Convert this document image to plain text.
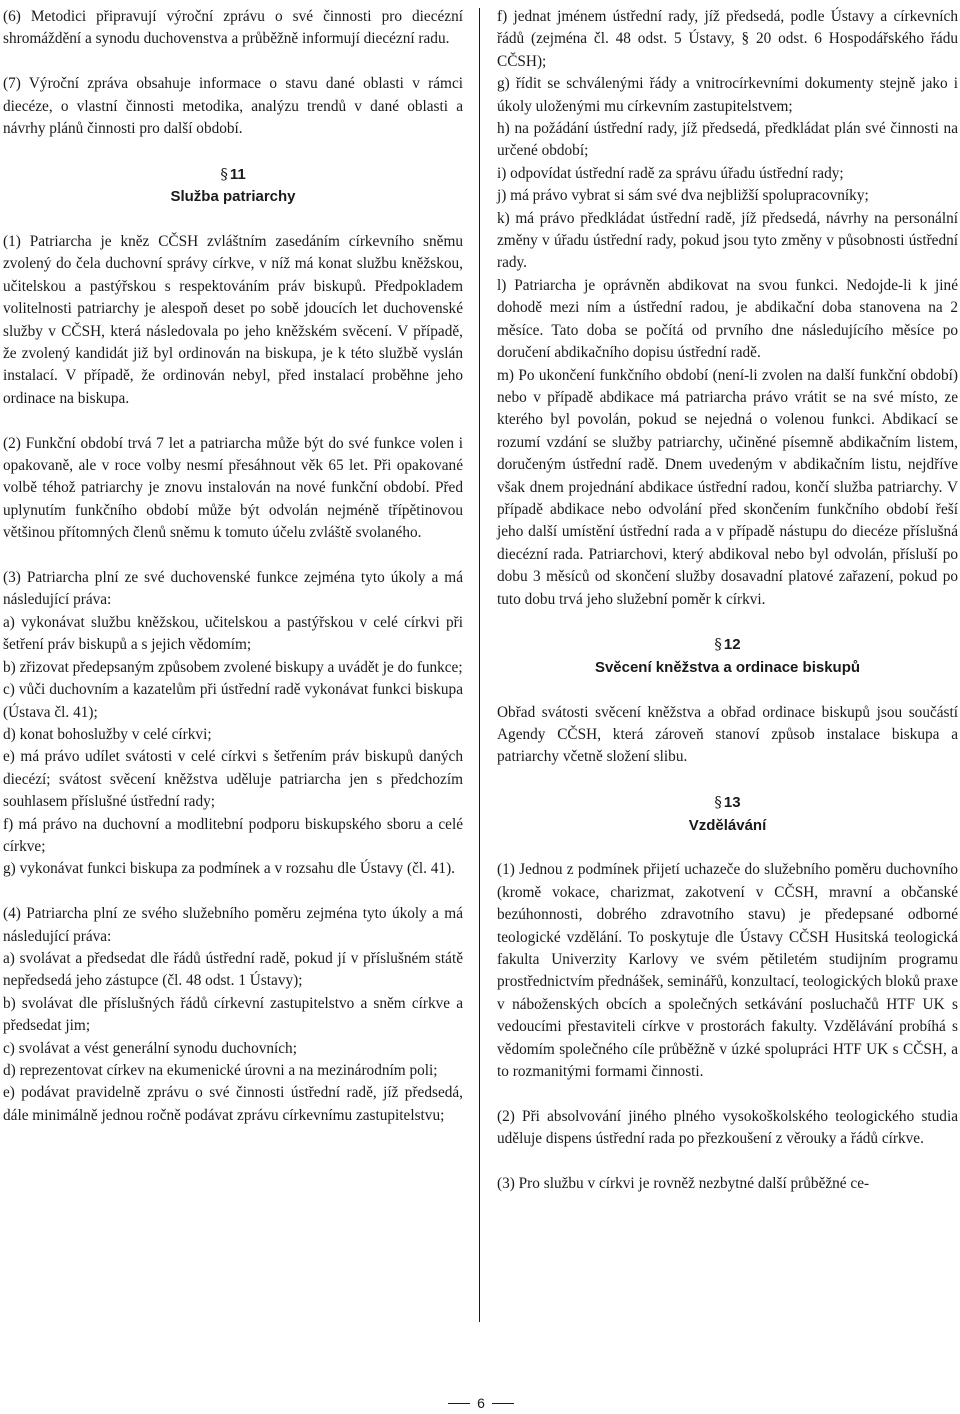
(6) Metodici připravují výroční zprávu o své činnosti pro diecézní shromáždění a synodu duchovenstva a průběžně informují diecézní radu.

(7) Výroční zpráva obsahuje informace o stavu dané oblasti v rámci diecéze, o vlastní činnosti metodika, analýzu trendů v dané oblasti a návrhy plánů činnosti pro další období.

§ 11
Služba patriarchy

(1) Patriarcha je kněz CČSH zvláštním zasedáním církevního sněmu zvolený do čela duchovní správy církve, v níž má konat službu kněžskou, učitelskou a pastýřskou s respektováním práv biskupů. Předpokladem volitelnosti patriarchy je alespoň deset po sobě jdoucích let duchovenské služby v CČSH, která následovala po jeho kněžském svěcení. V případě, že zvolený kandidát již byl ordinován na biskupa, je k této službě vyslán instalací. V případě, že ordinován nebyl, před instalací proběhne jeho ordinace na biskupa.

(2) Funkční období trvá 7 let a patriarcha může být do své funkce volen i opakovaně, ale v roce volby nesmí přesáhnout věk 65 let. Při opakované volbě téhož patriarchy je znovu instalován na nové funkční období. Před uplynutím funkčního období může být odvolán nejméně třípětinovou většinou přítomných členů sněmu k tomuto účelu zvláště svolaného.

(3) Patriarcha plní ze své duchovenské funkce zejména tyto úkoly a má následující práva:

a) vykonávat službu kněžskou, učitelskou a pastýřskou v celé církvi při šetření práv biskupů a s jejich vědomím;

b) zřizovat předepsaným způsobem zvolené biskupy a uvádět je do funkce;

c) vůči duchovním a kazatelům při ústřední radě vykonávat funkci biskupa (Ústava čl. 41);

d) konat bohoslužby v celé církvi;

e) má právo udílet svátosti v celé církvi s šetřením práv biskupů daných diecézí; svátost svěcení kněžstva uděluje patriarcha jen s předchozím souhlasem příslušné ústřední rady;

f) má právo na duchovní a modlitební podporu biskupského sboru a celé církve;

g) vykonávat funkci biskupa za podmínek a v rozsahu dle Ústavy (čl. 41).

(4) Patriarcha plní ze svého služebního poměru zejména tyto úkoly a má následující práva:

a) svolávat a předsedat dle řádů ústřední radě, pokud jí v příslušném státě nepředsedá jeho zástupce (čl. 48 odst. 1 Ústavy);

b) svolávat dle příslušných řádů církevní zastupitelstvo a sněm církve a předsedat jim;

c) svolávat a vést generální synodu duchovních;

d) reprezentovat církev na ekumenické úrovni a na mezinárodním poli;

e) podávat pravidelně zprávu o své činnosti ústřední radě, jíž předsedá, dále minimálně jednou ročně podávat zprávu církevnímu zastupitelstvu;

f) jednat jménem ústřední rady, jíž předsedá, podle Ústavy a církevních řádů (zejména čl. 48 odst. 5 Ústavy, § 20 odst. 6 Hospodářského řádu CČSH);

g) řídit se schválenými řády a vnitrocírkevními dokumenty stejně jako i úkoly uloženými mu církevním zastupitelstvem;

h) na požádání ústřední rady, jíž předsedá, předkládat plán své činnosti na určené období;

i) odpovídat ústřední radě za správu úřadu ústřední rady;

j) má právo vybrat si sám své dva nejbližší spolupracovníky;

k) má právo předkládat ústřední radě, jíž předsedá, návrhy na personální změny v úřadu ústřední rady, pokud jsou tyto změny v působnosti ústřední rady.

l) Patriarcha je oprávněn abdikovat na svou funkci. Nedojde-li k jiné dohodě mezi ním a ústřední radou, je abdikační doba stanovena na 2 měsíce. Tato doba se počítá od prvního dne následujícího měsíce po doručení abdikačního dopisu ústřední radě.

m) Po ukončení funkčního období (není-li zvolen na další funkční období) nebo v případě abdikace má patriarcha právo vrátit se na své místo, ze kterého byl povolán, pokud se nejedná o volenou funkci. Abdikací se rozumí vzdání se služby patriarchy, učiněné písemně abdikačním listem, doručeným ústřední radě. Dnem uvedeným v abdikačním listu, nejdříve však dnem projednání abdikace ústřední radou, končí služba patriarchy. V případě abdikace nebo odvolání před skončením funkčního období řeší jeho další umístění ústřední rada a v případě nástupu do diecéze příslušná diecézní rada. Patriarchovi, který abdikoval nebo byl odvolán, přísluší po dobu 3 měsíců od skončení služby dosavadní platové zařazení, pokud po tuto dobu trvá jeho služební poměr k církvi.

§ 12
Svěcení kněžstva a ordinace biskupů

Obřad svátosti svěcení kněžstva a obřad ordinace biskupů jsou součástí Agendy CČSH, která zároveň stanoví způsob instalace biskupa a patriarchy včetně složení slibu.

§ 13
Vzdělávání

(1) Jednou z podmínek přijetí uchazeče do služebního poměru duchovního (kromě vokace, charizmat, zakotvení v CČSH, mravní a občanské bezúhonnosti, dobrého zdravotního stavu) je předepsané odborné teologické vzdělání. To poskytuje dle Ústavy CČSH Husitská teologická fakulta Univerzity Karlovy ve svém pětiletém studijním programu prostřednictvím přednášek, seminářů, konzultací, teologických bloků praxe v náboženských obcích a společných setkávání posluchačů HTF UK s vedoucími přestaviteli církve v prostorách fakulty. Vzdělávání probíhá s vědomím společného cíle průběžně v úzké spolupráci HTF UK s CČSH, a to rozmanitými formami činnosti.

(2) Při absolvování jiného plného vysokoškolského teologického studia uděluje dispens ústřední rada po přezkoušení z věrouky a řádů církve.

(3) Pro službu v církvi je rovněž nezbytné další průběžné ce-

6
